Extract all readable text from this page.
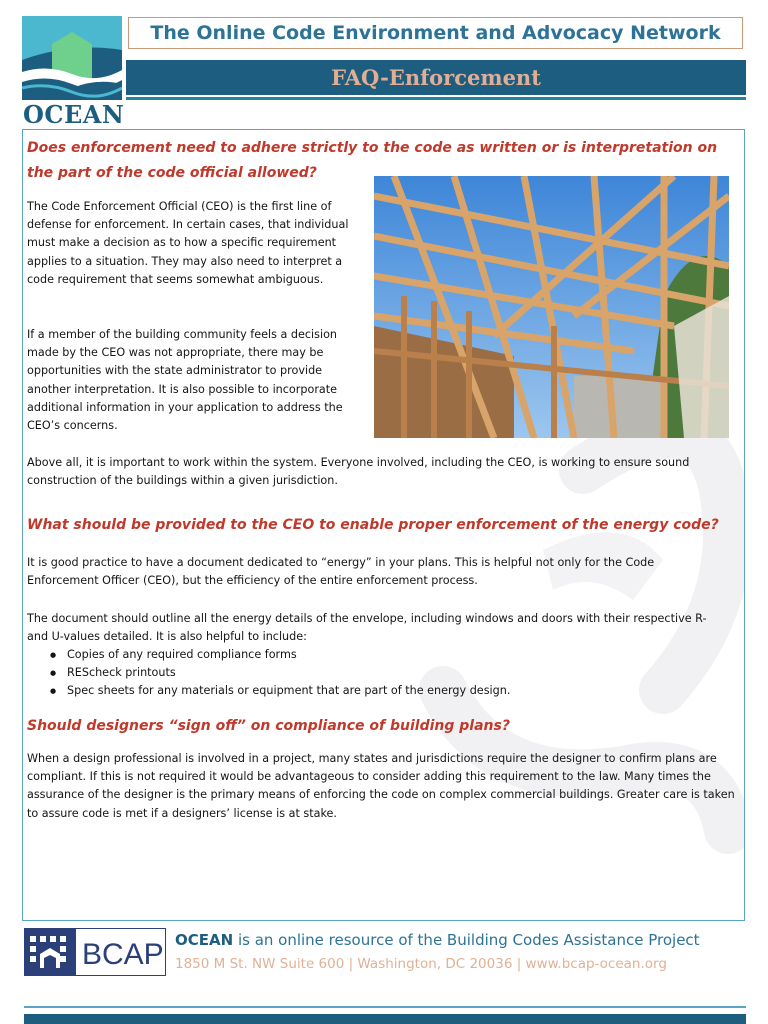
OCEAN
The Online Code Environment and Advocacy Network
FAQ-Enforcement

Does enforcement need to adhere strictly to the code as written or is interpretation on the part of the code official allowed?

The Code Enforcement Official (CEO) is the first line of defense for enforcement. In certain cases, that individual must make a decision as to how a specific requirement applies to a situation. They may also need to interpret a code requirement that seems somewhat ambiguous.

If a member of the building community feels a decision made by the CEO was not appropriate, there may be opportunities with the state administrator to provide another interpretation. It is also possible to incorporate additional information in your application to address the CEO’s concerns.

Above all, it is important to work within the system. Everyone involved, including the CEO, is working to ensure sound construction of the buildings within a given jurisdiction.

What should be provided to the CEO to enable proper enforcement of the energy code?

It is good practice to have a document dedicated to “energy” in your plans. This is helpful not only for the Code Enforcement Officer (CEO), but the efficiency of the entire enforcement process.

The document should outline all the energy details of the envelope, including windows and doors with their respective R- and U-values detailed. It is also helpful to include:

● Copies of any required compliance forms
● REScheck printouts
● Spec sheets for any materials or equipment that are part of the energy design.

Should designers “sign off” on compliance of building plans?

When a design professional is involved in a project, many states and jurisdictions require the designer to confirm plans are compliant. If this is not required it would be advantageous to consider adding this requirement to the law. Many times the assurance of the designer is the primary means of enforcing the code on complex commercial buildings. Greater care is taken to assure code is met if a designers’ license is at stake.

BCAP OCEAN is an online resource of the Building Codes Assistance Project

1850 M St. NW Suite 600 | Washington, DC 20036 | www.bcap-ocean.org
